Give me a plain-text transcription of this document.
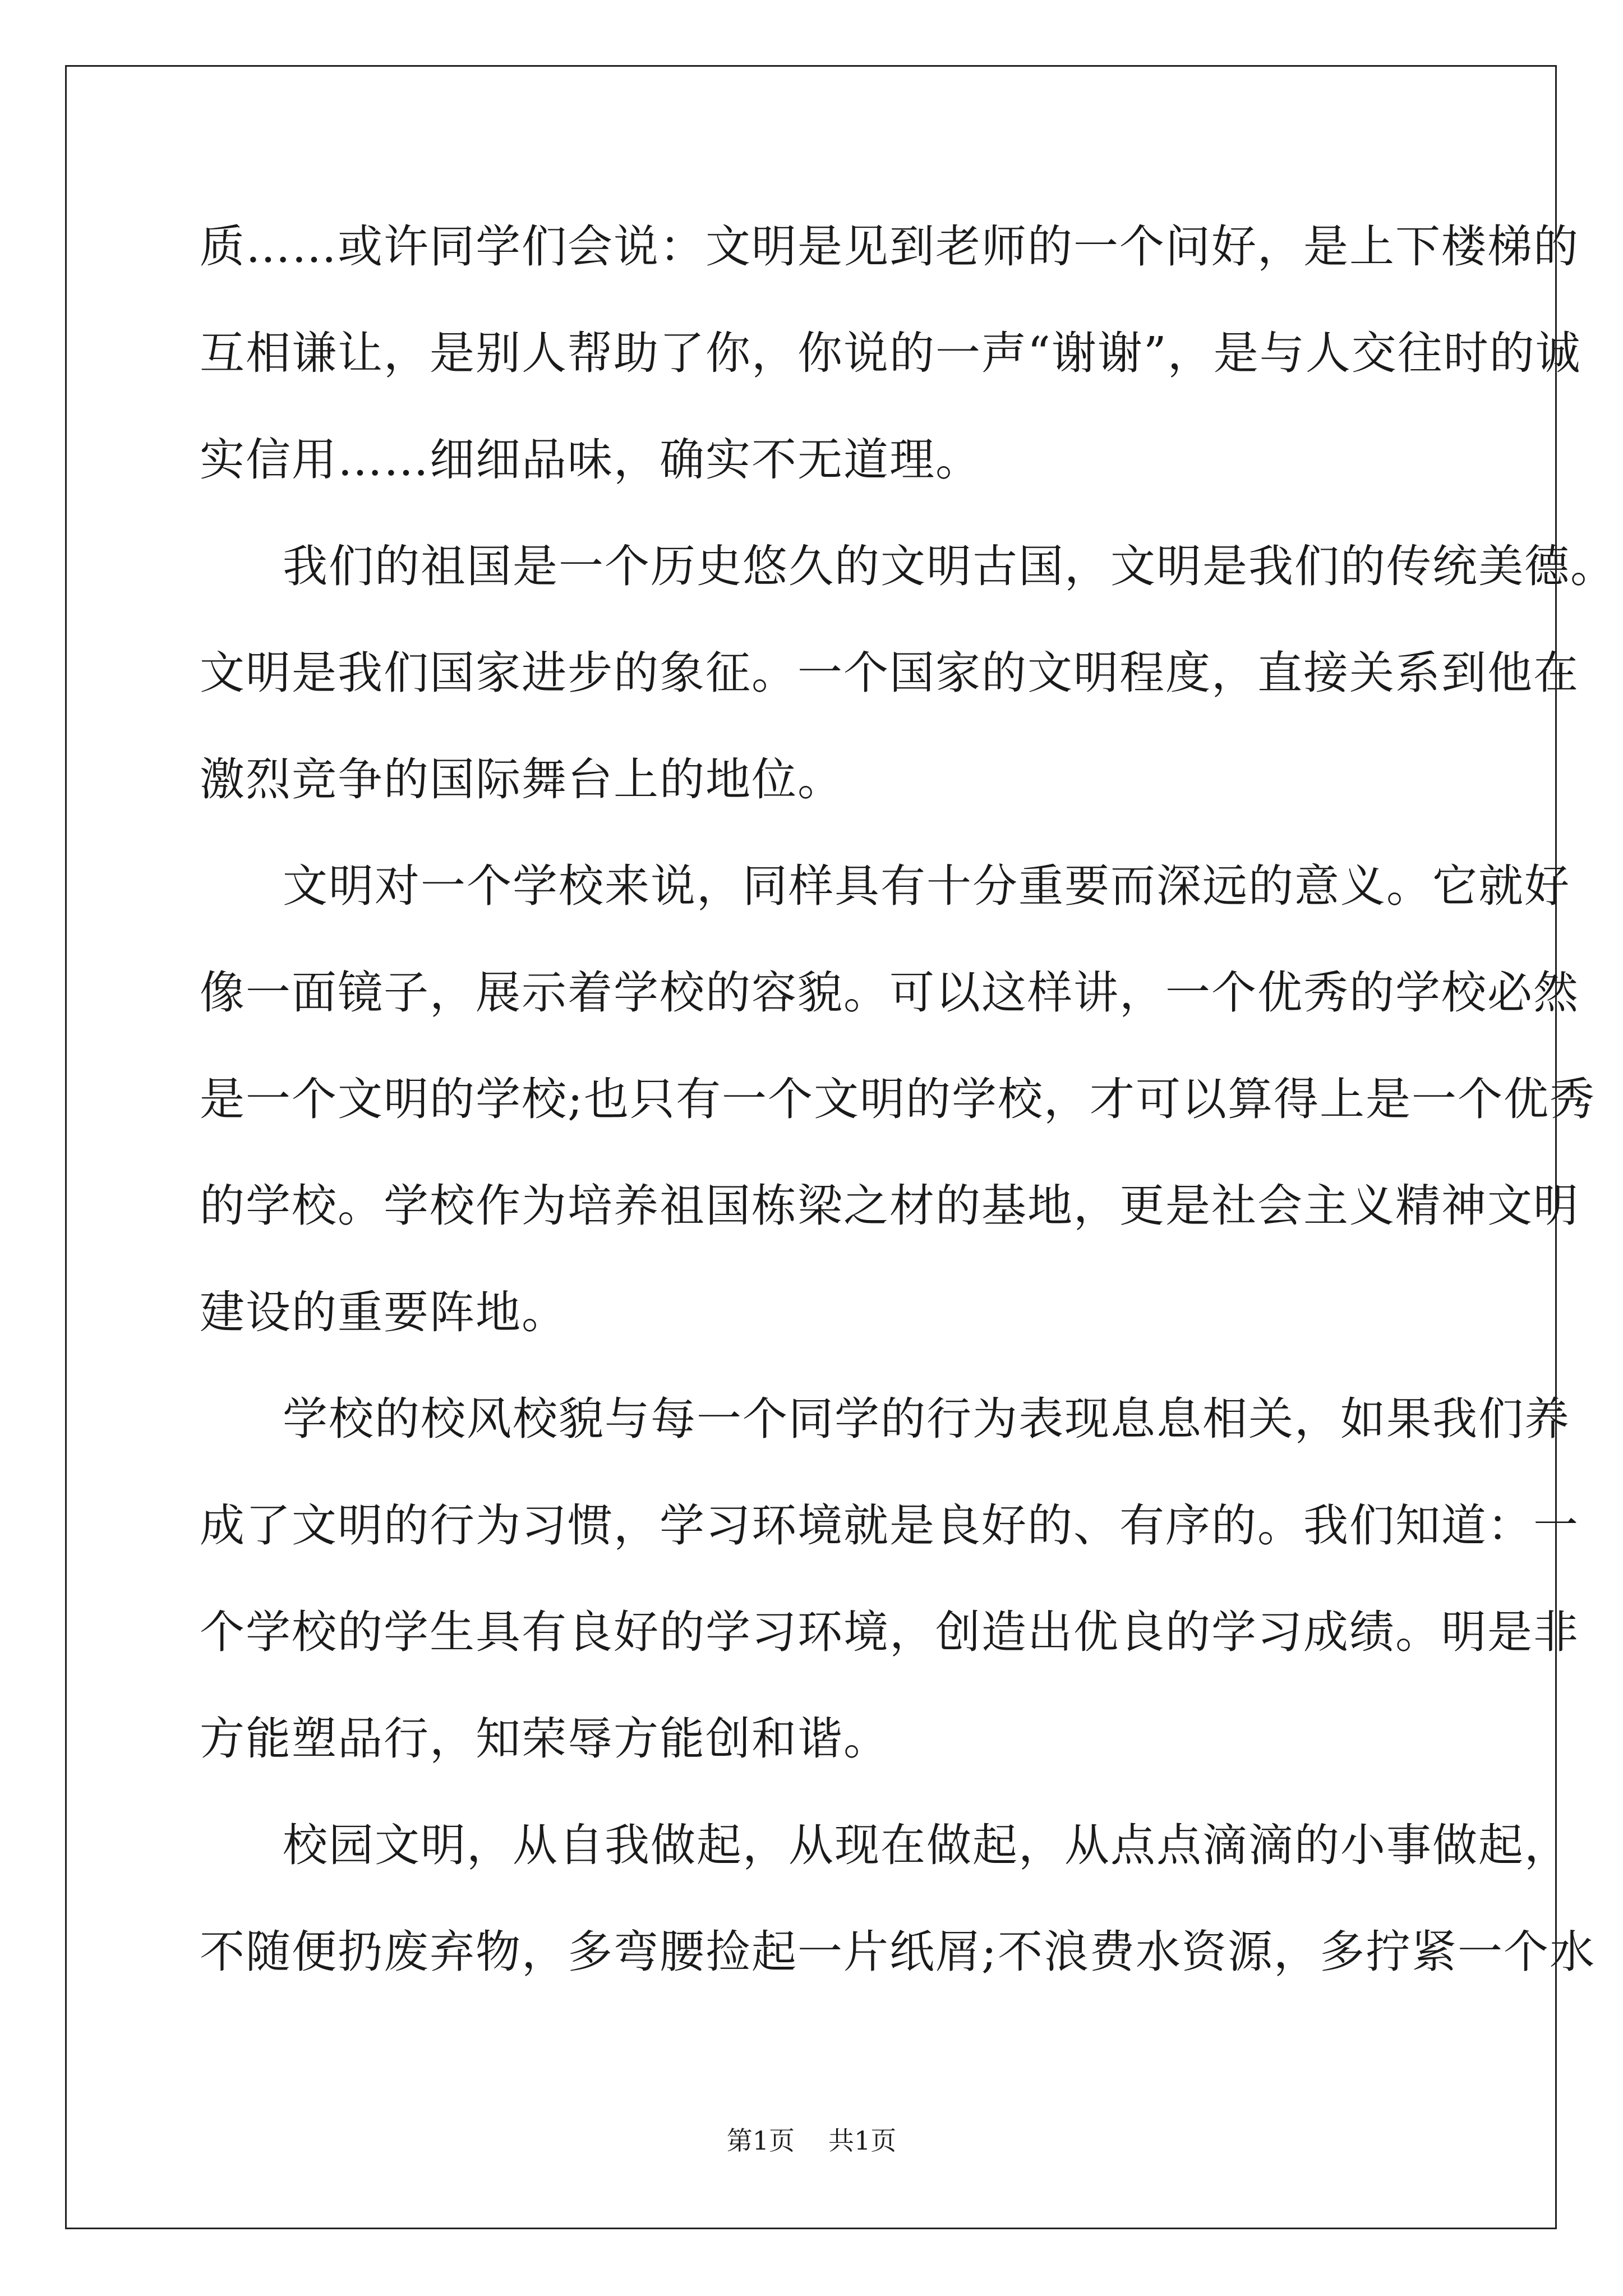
质……或许同学们会说：文明是见到老师的一个问好，是上下楼梯的
互相谦让，是别人帮助了你，你说的一声“谢谢”，是与人交往时的诚
实信用……细细品味，确实不无道理。
我们的祖国是一个历史悠久的文明古国，文明是我们的传统美德。
文明是我们国家进步的象征。一个国家的文明程度，直接关系到他在
激烈竞争的国际舞台上的地位。
文明对一个学校来说，同样具有十分重要而深远的意义。它就好
像一面镜子，展示着学校的容貌。可以这样讲，一个优秀的学校必然
是一个文明的学校;也只有一个文明的学校，才可以算得上是一个优秀
的学校。学校作为培养祖国栋梁之材的基地，更是社会主义精神文明
建设的重要阵地。
学校的校风校貌与每一个同学的行为表现息息相关，如果我们养
成了文明的行为习惯，学习环境就是良好的、有序的。我们知道：一
个学校的学生具有良好的学习环境，创造出优良的学习成绩。明是非
方能塑品行，知荣辱方能创和谐。
校园文明，从自我做起，从现在做起，从点点滴滴的小事做起，
不随便扔废弃物，多弯腰捡起一片纸屑;不浪费水资源，多拧紧一个水
第1页 共1页
